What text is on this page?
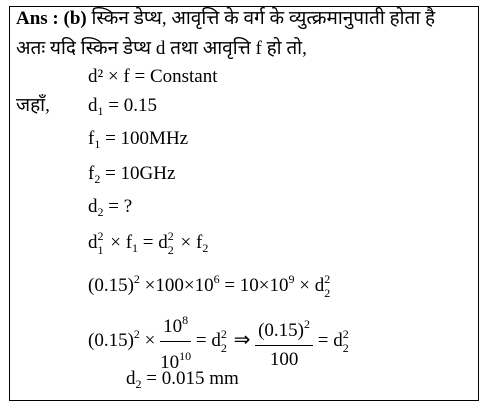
Ans : (b) स्किन डेप्थ, आवृत्ति के वर्ग के व्युत्क्रमानुपाती होता है
अतः यदि स्किन डेप्थ d तथा आवृत्ति f हो तो,
d² × f = Constant
जहाँ, $d_1 = 0.15$
$f_1 = 100MHz$
$f_2 = 10GHz$
$d_2$ = ?
d 2
$1 \times f_1 = d$ 2
$2 \times f_2$
$(0.15)^2 \times 100\times 10^6 = 10\times 10^9 \times d$ 2
2
$(0.15)^2 \times \frac{10^8}{10^{10}} = d$ 2
2 ⇒ $\frac{(0.15)^2}{100} = d$ 2
2
$d_2 = 0.015$ mm
